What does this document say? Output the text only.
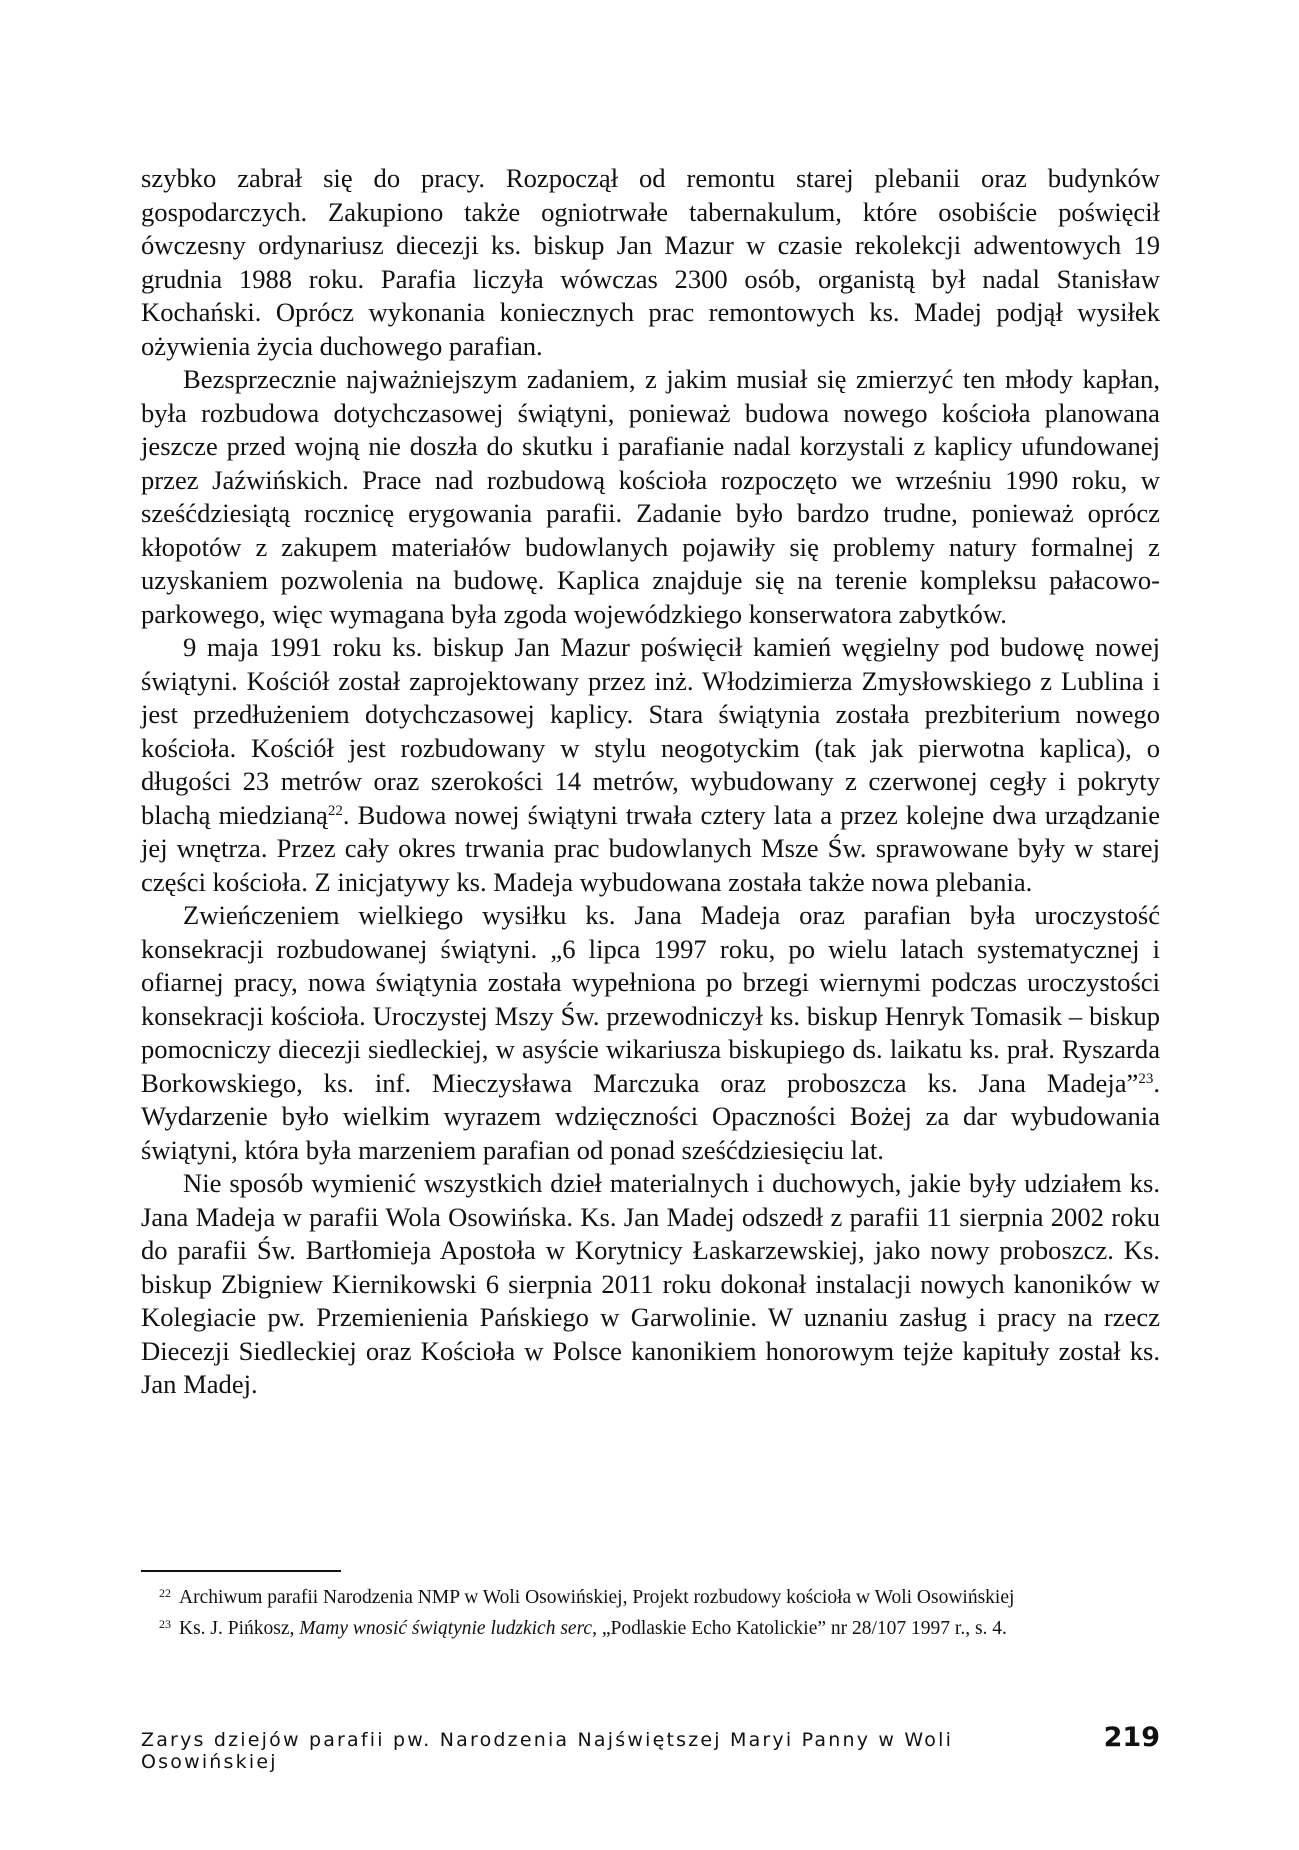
szybko zabrał się do pracy. Rozpoczął od remontu starej plebanii oraz budynków gospodarczych. Zakupiono także ogniotrwałe tabernakulum, które osobiście poświęcił ówczesny ordynariusz diecezji ks. biskup Jan Mazur w czasie rekolekcji adwentowych 19 grudnia 1988 roku. Parafia liczyła wówczas 2300 osób, organistą był nadal Stanisław Kochański. Oprócz wykonania koniecznych prac remontowych ks. Madej podjął wysiłek ożywienia życia duchowego parafian.

Bezsprzecznie najważniejszym zadaniem, z jakim musiał się zmierzyć ten młody kapłan, była rozbudowa dotychczasowej świątyni, ponieważ budowa nowego kościoła planowana jeszcze przed wojną nie doszła do skutku i parafianie nadal korzystali z kaplicy ufundowanej przez Jaźwińskich. Prace nad rozbudową kościoła rozpoczęto we wrześniu 1990 roku, w sześćdziesiątą rocznicę erygowania parafii. Zadanie było bardzo trudne, ponieważ oprócz kłopotów z zakupem materiałów budowlanych pojawiły się problemy natury formalnej z uzyskaniem pozwolenia na budowę. Kaplica znajduje się na terenie kompleksu pałacowo-parkowego, więc wymagana była zgoda wojewódzkiego konserwatora zabytków.

9 maja 1991 roku ks. biskup Jan Mazur poświęcił kamień węgielny pod budowę nowej świątyni. Kościół został zaprojektowany przez inż. Włodzimierza Zmysłowskiego z Lublina i jest przedłużeniem dotychczasowej kaplicy. Stara świątynia została prezbiterium nowego kościoła. Kościół jest rozbudowany w stylu neogotyckim (tak jak pierwotna kaplica), o długości 23 metrów oraz szerokości 14 metrów, wybudowany z czerwonej cegły i pokryty blachą miedzianą$^{22}$. Budowa nowej świątyni trwała cztery lata a przez kolejne dwa urządzanie jej wnętrza. Przez cały okres trwania prac budowlanych Msze Św. sprawowane były w starej części kościoła. Z inicjatywy ks. Madeja wybudowana została także nowa plebania.

Zwieńczeniem wielkiego wysiłku ks. Jana Madeja oraz parafian była uroczystość konsekracji rozbudowanej świątyni. „6 lipca 1997 roku, po wielu latach systematycznej i ofiarnej pracy, nowa świątynia została wypełniona po brzegi wiernymi podczas uroczystości konsekracji kościoła. Uroczystej Mszy Św. przewodniczył ks. biskup Henryk Tomasik – biskup pomocniczy diecezji siedleckiej, w asyście wikariusza biskupiego ds. laikatu ks. prał. Ryszarda Borkowskiego, ks. inf. Mieczysława Marczuka oraz proboszcza ks. Jana Madeja”$^{23}$. Wydarzenie było wielkim wyrazem wdzięczności Opaczności Bożej za dar wybudowania świątyni, która była marzeniem parafian od ponad sześćdziesięciu lat.

Nie sposób wymienić wszystkich dzieł materialnych i duchowych, jakie były udziałem ks. Jana Madeja w parafii Wola Osowińska. Ks. Jan Madej odszedł z parafii 11 sierpnia 2002 roku do parafii Św. Bartłomieja Apostoła w Korytnicy Łaskarzewskiej, jako nowy proboszcz. Ks. biskup Zbigniew Kiernikowski 6 sierpnia 2011 roku dokonał instalacji nowych kanoników w Kolegiacie pw. Przemienienia Pańskiego w Garwolinie. W uznaniu zasług i pracy na rzecz Diecezji Siedleckiej oraz Kościoła w Polsce kanonikiem honorowym tejże kapituły został ks. Jan Madej.

$^{22}$ Archiwum parafii Narodzenia NMP w Woli Osowińskiej, Projekt rozbudowy kościoła w Woli Osowińskiej

$^{23}$ Ks. J. Pińkosz, Mamy wnosić świątynie ludzkich serc, „Podlaskie Echo Katolickie” nr 28/107 1997 r., s. 4.

Zarys dziejów parafii pw. Narodzenia Najświętszej Maryi Panny w Woli Osowińskiej
219
